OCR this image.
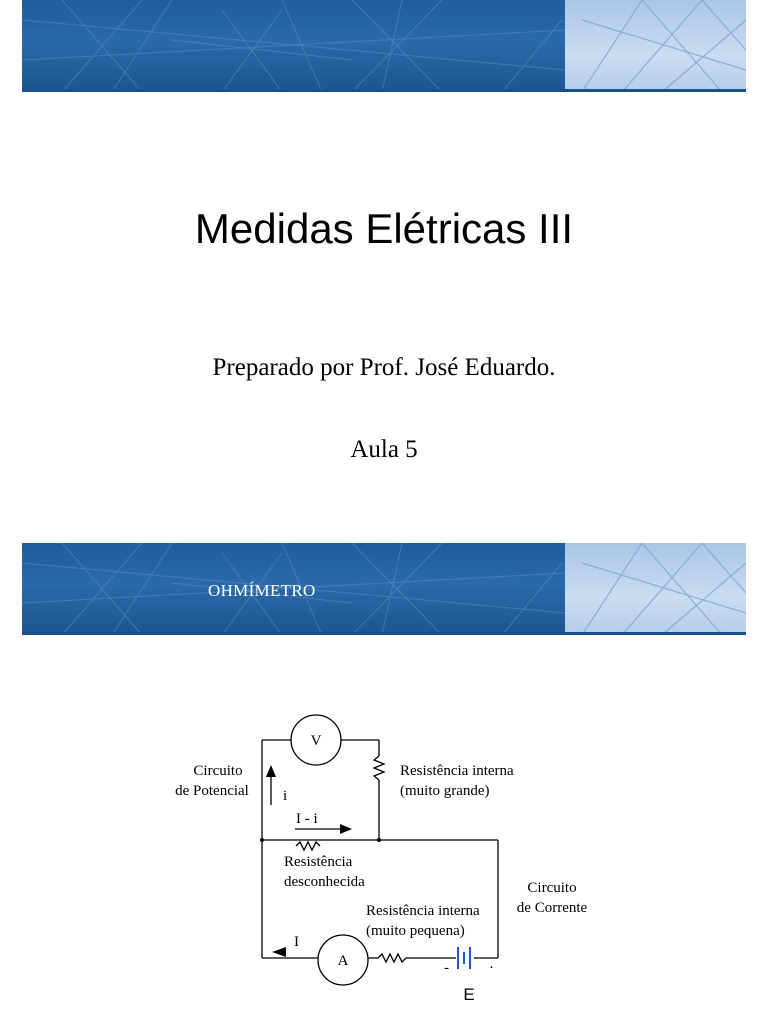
Medidas Elétricas III
Preparado por Prof. José Eduardo.
Aula 5
OHMÍMETRO
V
A
i
I - i
I
E
-	·
Circuito
de Potencial
Resistência interna
(muito grande)
Resistência
desconhecida	Circuito
de Corrente
Resistência interna
(muito pequena)
